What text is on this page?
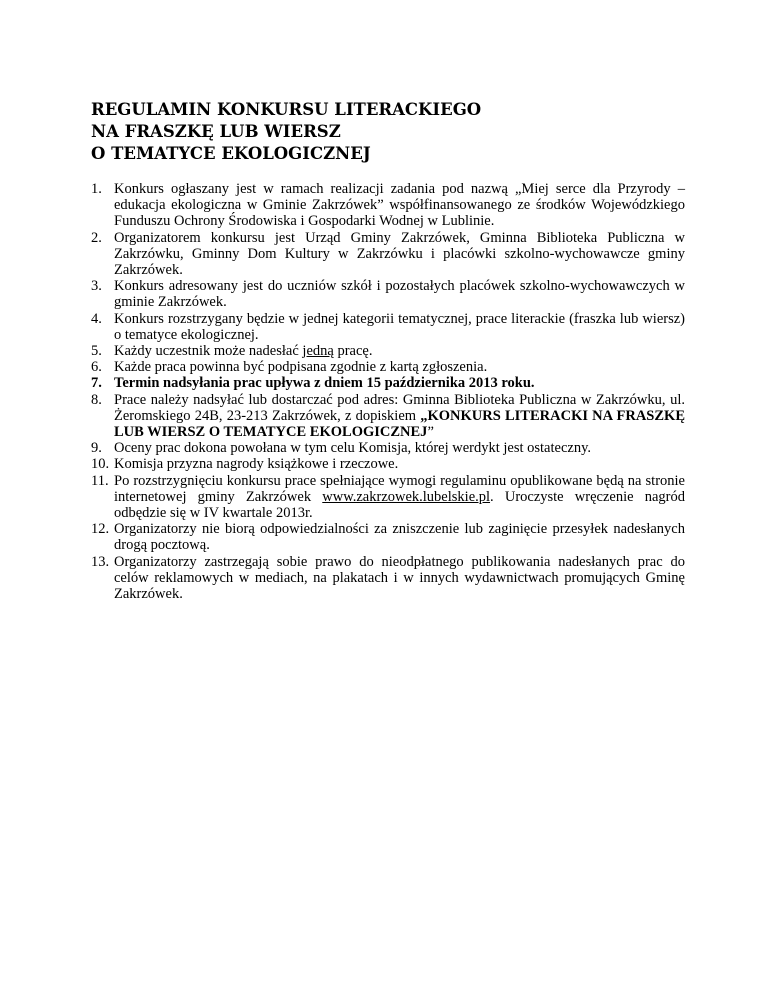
REGULAMIN KONKURSU LITERACKIEGO
NA FRASZKĘ LUB WIERSZ
O TEMATYCE EKOLOGICZNEJ
1. Konkurs ogłaszany jest w ramach realizacji zadania pod nazwą „Miej serce dla Przyrody – edukacja ekologiczna w Gminie Zakrzówek” współfinansowanego ze środków Wojewódzkiego Funduszu Ochrony Środowiska i Gospodarki Wodnej w Lublinie.
2. Organizatorem konkursu jest Urząd Gminy Zakrzówek, Gminna Biblioteka Publiczna w Zakrzówku, Gminny Dom Kultury w Zakrzówku i placówki szkolno-wychowawcze gminy Zakrzówek.
3. Konkurs adresowany jest do uczniów szkół i pozostałych placówek szkolno-wychowawczych w gminie Zakrzówek.
4. Konkurs rozstrzygany będzie w jednej kategorii tematycznej, prace literackie (fraszka lub wiersz) o tematyce ekologicznej.
5. Każdy uczestnik może nadesłać jedną pracę.
6. Każde praca powinna być podpisana zgodnie z kartą zgłoszenia.
7. Termin nadsyłania prac upływa z dniem 15 października 2013 roku.
8. Prace należy nadsyłać lub dostarczać pod adres: Gminna Biblioteka Publiczna w Zakrzówku, ul. Żeromskiego 24B, 23-213 Zakrzówek, z dopiskiem „KONKURS LITERACKI NA FRASZKĘ LUB WIERSZ O TEMATYCE EKOLOGICZNEJ”
9. Oceny prac dokona powołana w tym celu Komisja, której werdykt jest ostateczny.
10. Komisja przyzna nagrody książkowe i rzeczowe.
11. Po rozstrzygnięciu konkursu prace spełniające wymogi regulaminu opublikowane będą na stronie internetowej gminy Zakrzówek www.zakrzowek.lubelskie.pl. Uroczyste wręczenie nagród odbędzie się w IV kwartale 2013r.
12. Organizatorzy nie biorą odpowiedzialności za zniszczenie lub zaginięcie przesyłek nadesłanych drogą pocztową.
13. Organizatorzy zastrzegają sobie prawo do nieodpłatnego publikowania nadesłanych prac do celów reklamowych w mediach, na plakatach i w innych wydawnictwach promujących Gminę Zakrzówek.
